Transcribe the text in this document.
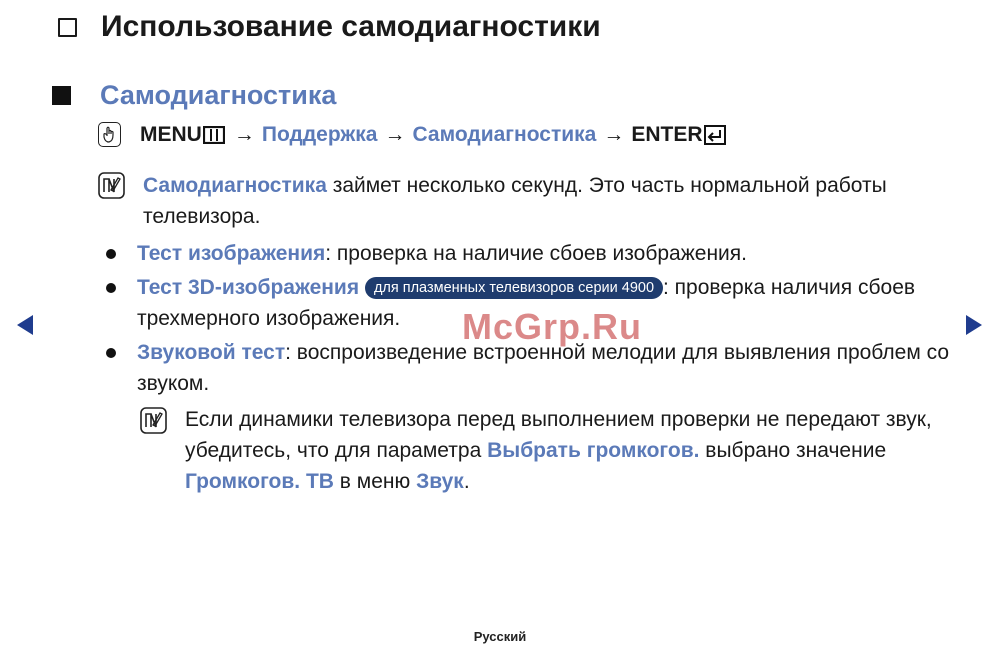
Использование самодиагностики
Самодиагностика
MENU → Поддержка → Самодиагностика → ENTER
Самодиагностика займет несколько секунд. Это часть нормальной работы телевизора.
Тест изображения: проверка на наличие сбоев изображения.
Тест 3D-изображения для плазменных телевизоров серии 4900 : проверка наличия сбоев трехмерного изображения.
Звуковой тест: воспроизведение встроенной мелодии для выявления проблем со звуком.
Если динамики телевизора перед выполнением проверки не передают звук, убедитесь, что для параметра Выбрать громкогов. выбрано значение Громкогов. ТВ в меню Звук.
McGrp.Ru
Русский
